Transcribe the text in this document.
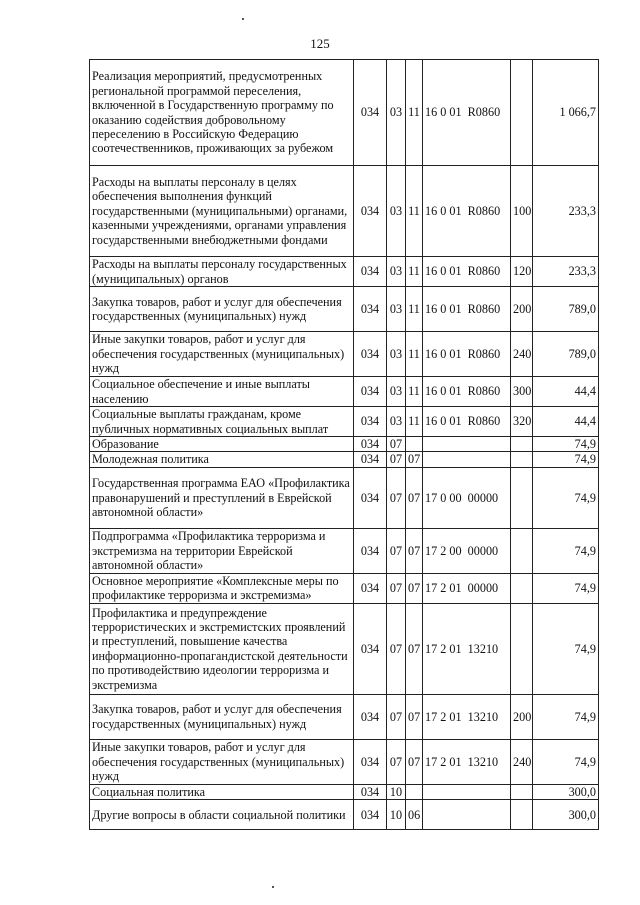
125
Реализация мероприятий, предусмотренных региональной программой переселения, включенной в Государственную программу по оказанию содействия добровольному переселению в Российскую Федерацию соотечественников, проживающих за рубежом	034	03	11	16 0 01  R0860		1 066,7
Расходы на выплаты персоналу в целях обеспечения выполнения функций государственными (муниципальными) органами, казенными учреждениями, органами управления государственными внебюджетными фондами	034	03	11	16 0 01  R0860	100	233,3
Расходы на выплаты персоналу государственных (муниципальных) органов	034	03	11	16 0 01  R0860	120	233,3
Закупка товаров, работ и услуг для обеспечения государственных (муниципальных) нужд	034	03	11	16 0 01  R0860	200	789,0
Иные закупки товаров, работ и услуг для обеспечения государственных (муниципальных) нужд	034	03	11	16 0 01  R0860	240	789,0
Социальное обеспечение и иные выплаты населению	034	03	11	16 0 01  R0860	300	44,4
Социальные выплаты гражданам, кроме публичных нормативных социальных выплат	034	03	11	16 0 01  R0860	320	44,4
Образование	034	07				74,9
Молодежная политика	034	07	07			74,9
Государственная программа ЕАО «Профилактика правонарушений и преступлений в Еврейской автономной области»	034	07	07	17 0 00  00000		74,9
Подпрограмма «Профилактика терроризма и экстремизма на территории Еврейской автономной области»	034	07	07	17 2 00  00000		74,9
Основное мероприятие «Комплексные меры по профилактике терроризма и экстремизма»	034	07	07	17 2 01  00000		74,9
Профилактика и предупреждение террористических и экстремистских проявлений и преступлений, повышение качества информационно-пропагандистской деятельности по противодействию идеологии терроризма и экстремизма	034	07	07	17 2 01  13210		74,9
Закупка товаров, работ и услуг для обеспечения государственных (муниципальных) нужд	034	07	07	17 2 01  13210	200	74,9
Иные закупки товаров, работ и услуг для обеспечения государственных (муниципальных) нужд	034	07	07	17 2 01  13210	240	74,9
Социальная политика	034	10				300,0
Другие вопросы в области социальной политики	034	10	06			300,0
